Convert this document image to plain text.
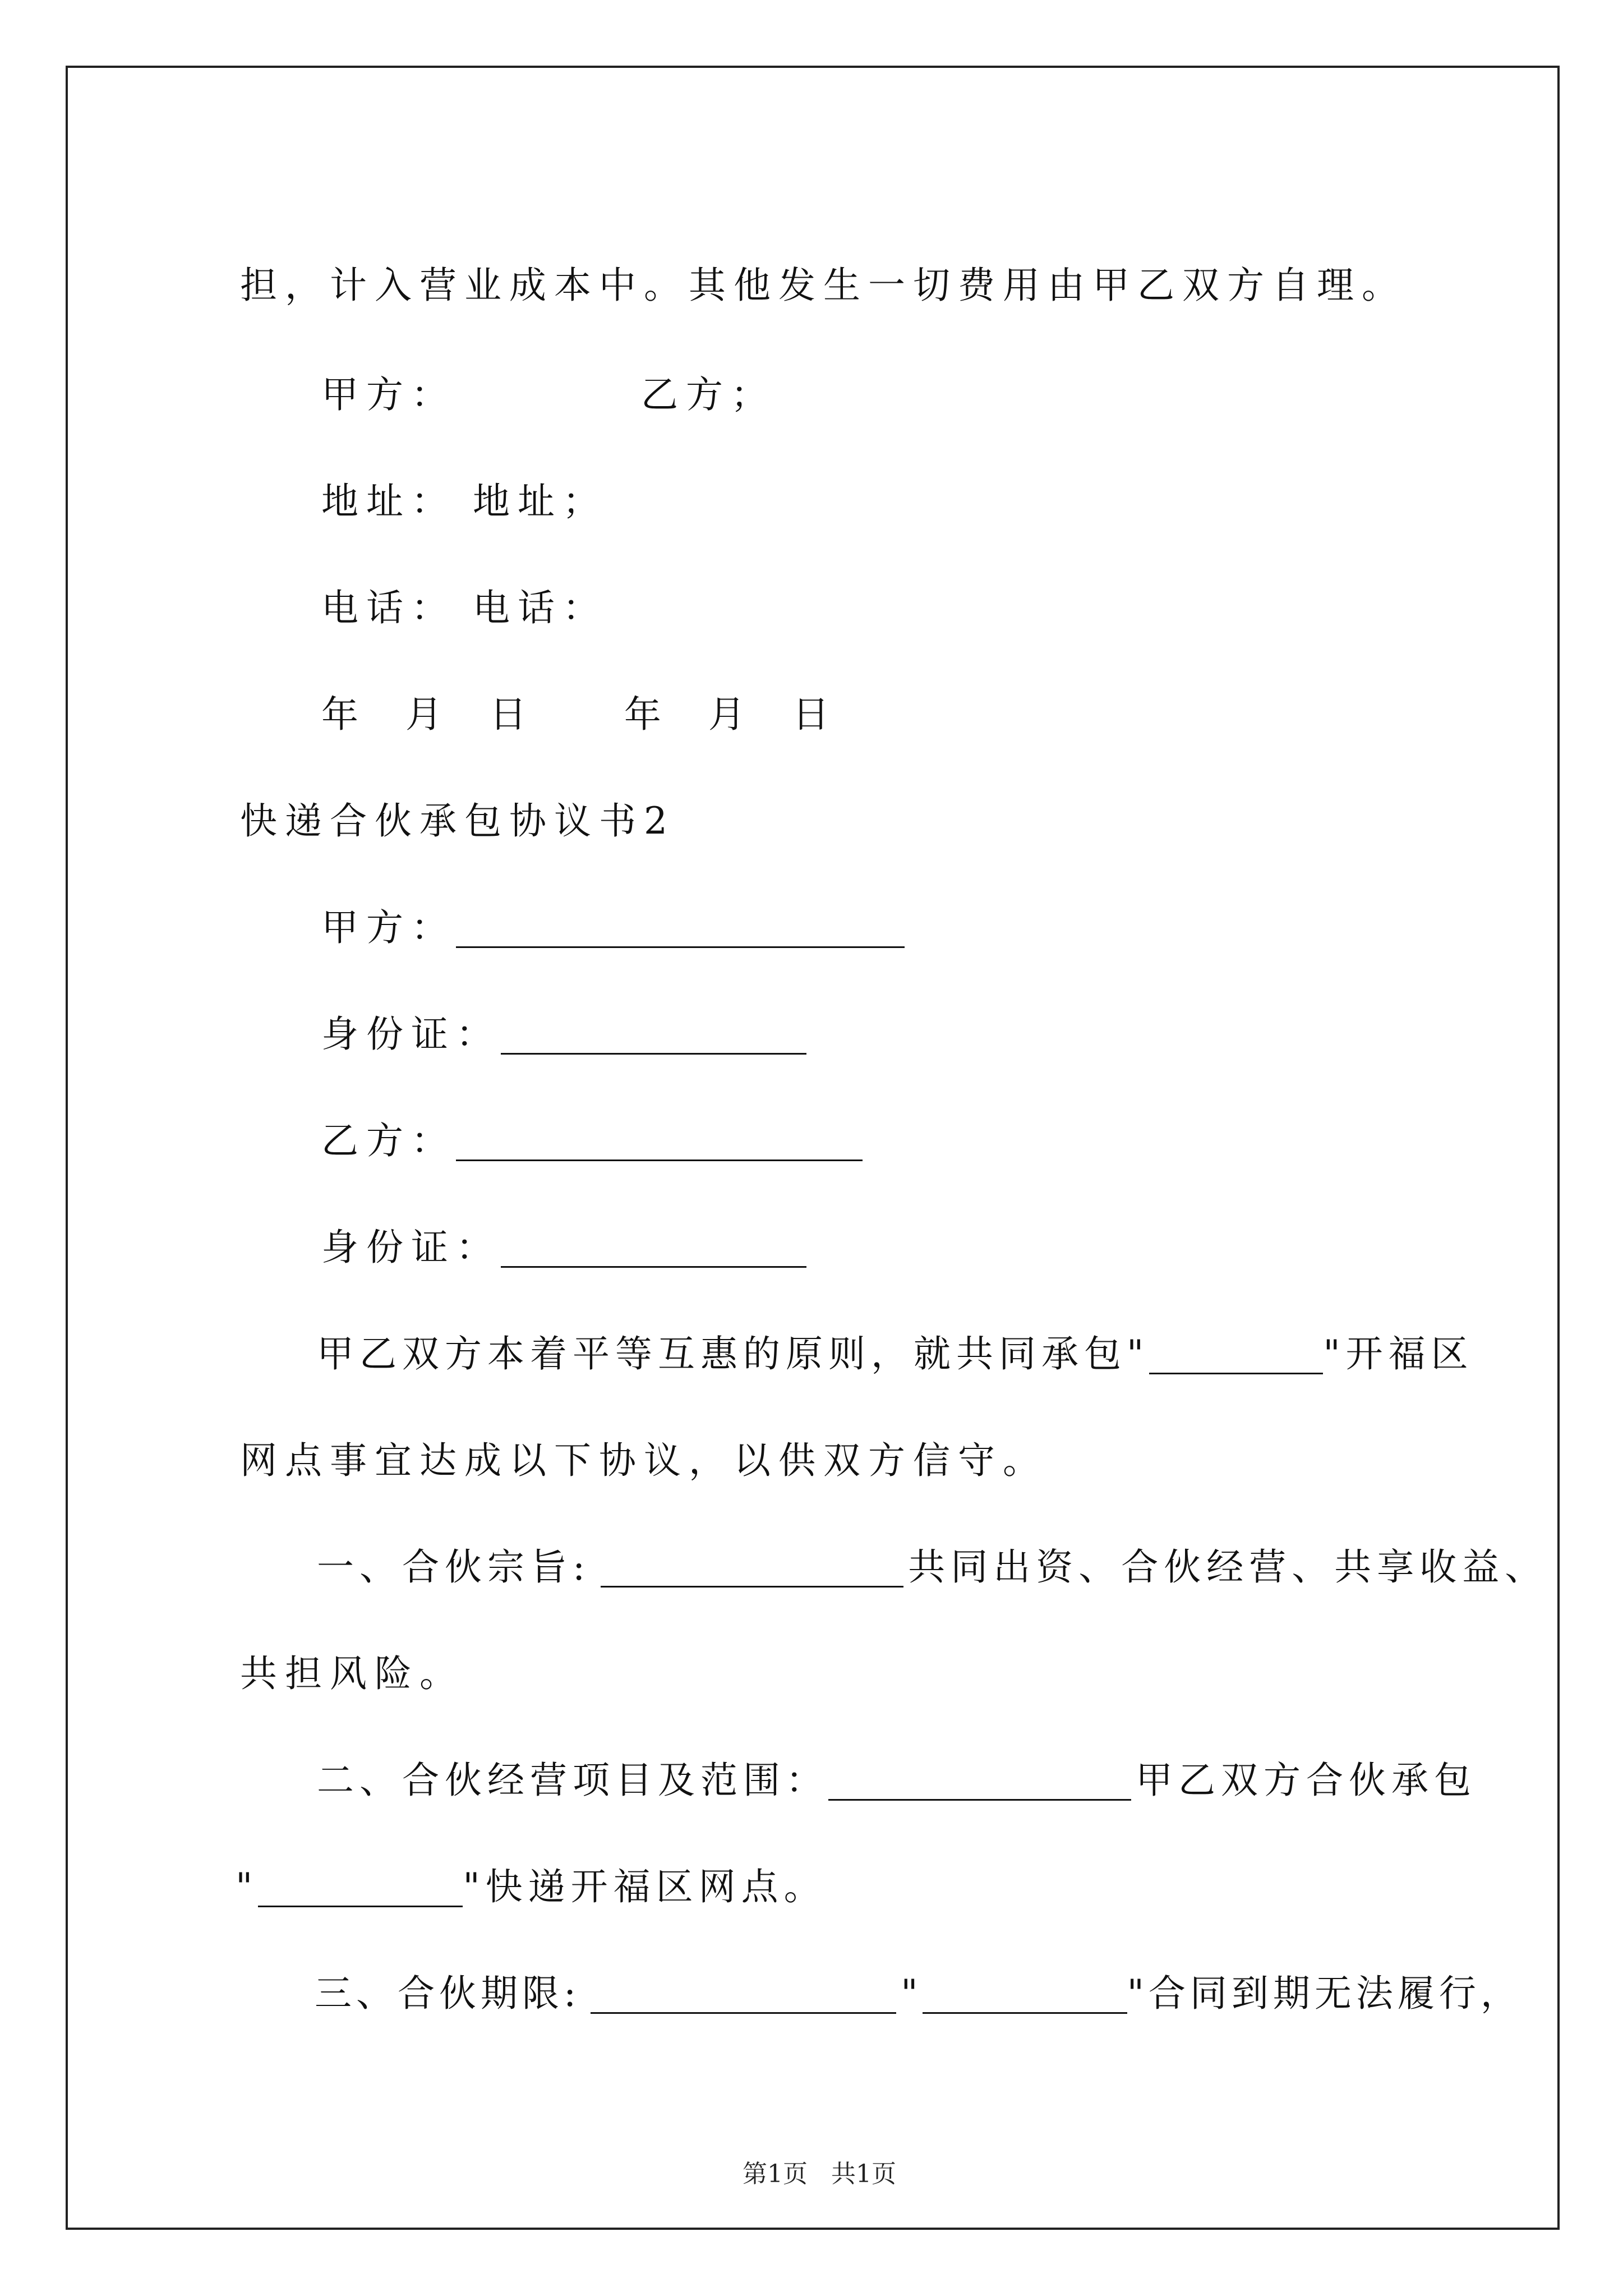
担，计入营业成本中。其他发生一切费用由甲乙双方自理。

甲方：	乙方；

地址： 地址；

电话： 电话：

年  月  日 年  月  日

快递合伙承包协议书2

甲方：

身份证：

乙方：

身份证：

甲乙双方本着平等互惠的原则，就共同承包"	"开福区

网点事宜达成以下协议，以供双方信守。

一、合伙宗旨:	共同出资、合伙经营、共享收益、

共担风险。

二、合伙经营项目及范围：	甲乙双方合伙承包

"	"快递开福区网点。

三、合伙期限:	"	"合同到期无法履行，

第1页   共1页
